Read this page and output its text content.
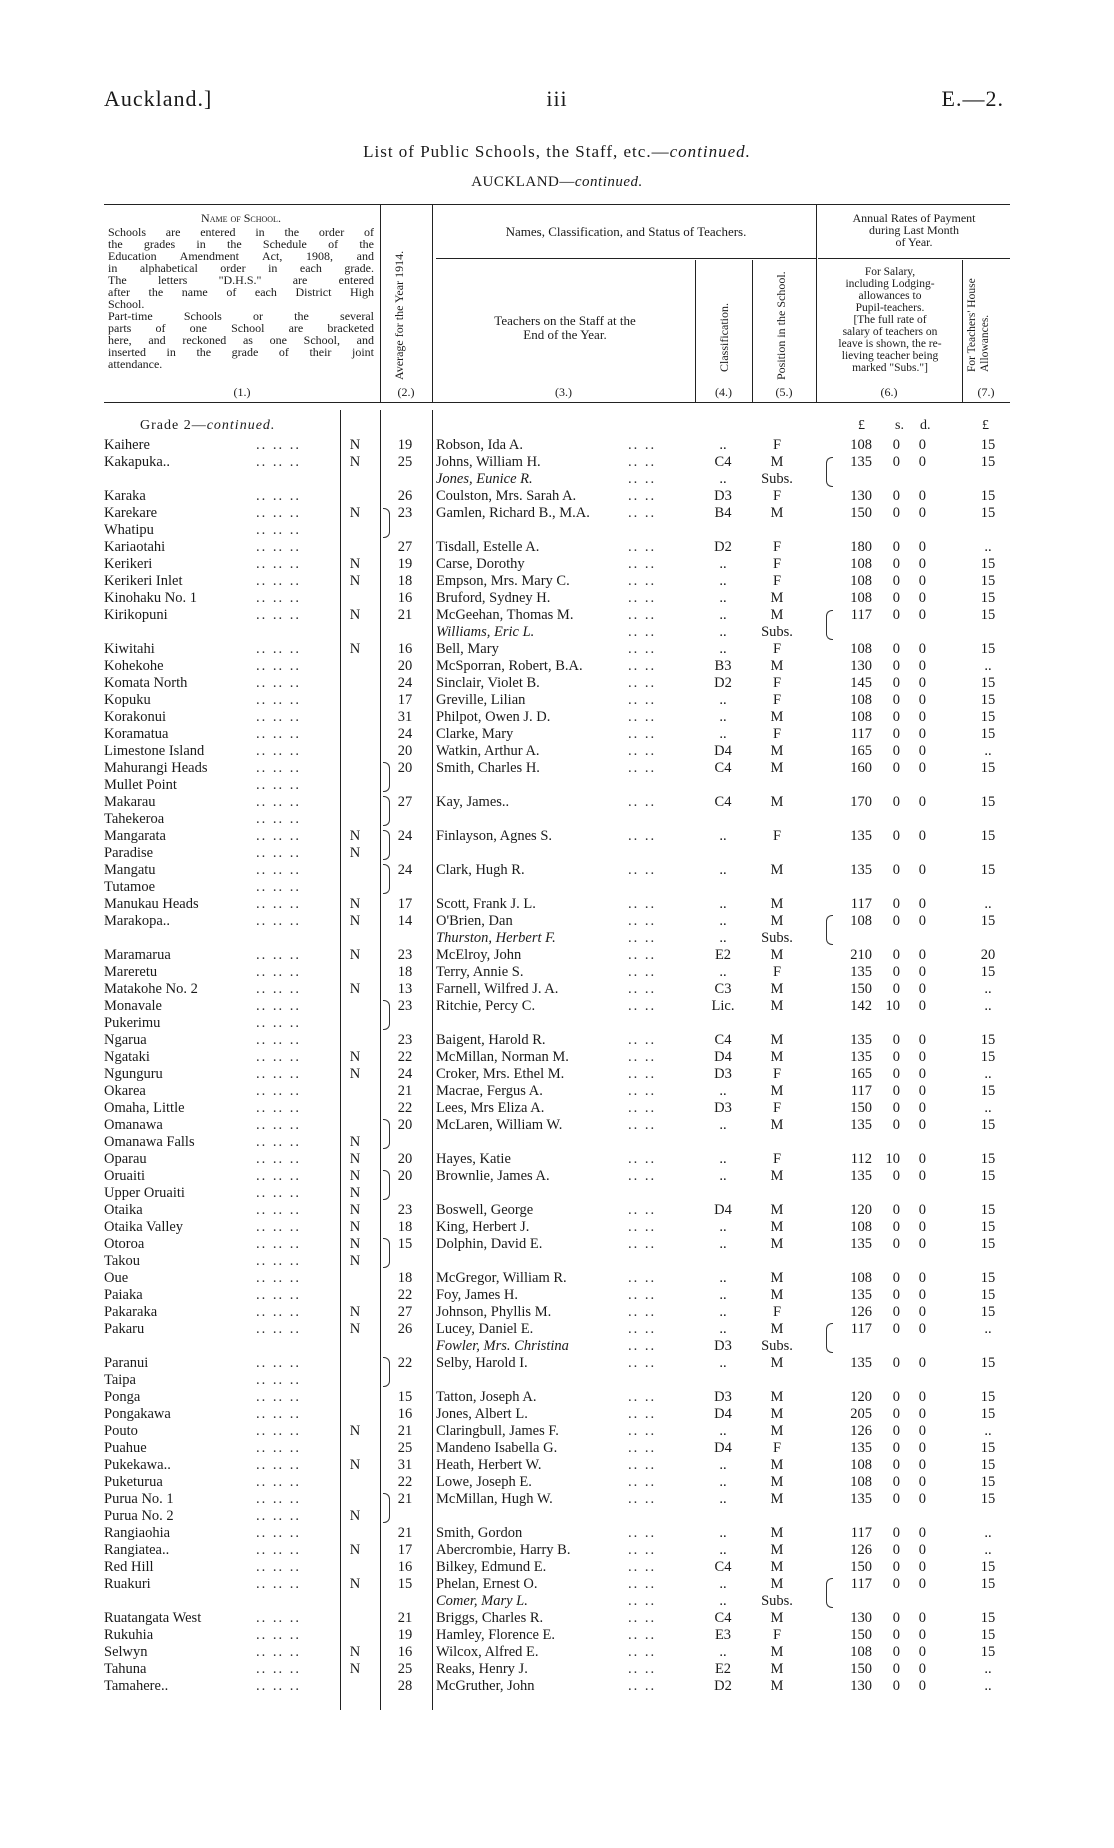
Auckland.]	iii	E.—2.
List of Public Schools, the Staff, etc.—continued.
AUCKLAND—continued.
Name of School.
Schools are entered in the order of
the grades in the Schedule of the
Education Amendment Act, 1908, and
in alphabetical order in each grade.
The letters "D.H.S." are entered
after the name of each District High
School.
Part-time Schools or the several
parts of one School are bracketed
here, and reckoned as one School, and
inserted in the grade of their joint
attendance.	Average for the Year 1914.
Names, Classification, and Status of Teachers.
Teachers on the Staff at the
End of the Year.	Classification.	Position in the School.
Annual Rates of Payment
during Last Month
of Year.
For Salary,
including Lodging-
allowances to
Pupil-teachers.
[The full rate of
salary of teachers on
leave is shown, the re-
lieving teacher being
marked "Subs."]	For Teachers' House Allowances.
(1.)	(2.)	(3.)	(4.)	(5.)	(6.)	(7.)
Grade 2—continued.	£ s. d.	£
Kaihere	.. .. ..	N	19	Robson, Ida A.	.. ..	..	F	108 0 0	15
Kakapuka..	.. .. ..	N	25	Johns, William H.	.. ..	C4	M	135 0 0	15
Jones, Eunice R.	.. ..	..	Subs.
Karaka	.. .. ..	26	Coulston, Mrs. Sarah A.	.. ..	D3	F	130 0 0	15
Karekare	.. .. ..	N	23	Gamlen, Richard B., M.A.	.. ..	B4	M	150 0 0	15
Whatipu	.. .. ..
Kariaotahi	.. .. ..	27	Tisdall, Estelle A.	.. ..	D2	F	180 0 0	..
Kerikeri	.. .. ..	N	19	Carse, Dorothy	.. ..	..	F	108 0 0	15
Kerikeri Inlet	.. .. ..	N	18	Empson, Mrs. Mary C.	.. ..	..	F	108 0 0	15
Kinohaku No. 1	.. .. ..	16	Bruford, Sydney H.	.. ..	..	M	108 0 0	15
Kirikopuni	.. .. ..	N	21	McGeehan, Thomas M.	.. ..	..	M	117 0 0	15
Williams, Eric L.	.. ..	..	Subs.
Kiwitahi	.. .. ..	N	16	Bell, Mary	.. ..	..	F	108 0 0	15
Kohekohe	.. .. ..	20	McSporran, Robert, B.A.	.. ..	B3	M	130 0 0	..
Komata North	.. .. ..	24	Sinclair, Violet B.	.. ..	D2	F	145 0 0	15
Kopuku	.. .. ..	17	Greville, Lilian	.. ..	..	F	108 0 0	15
Korakonui	.. .. ..	31	Philpot, Owen J. D.	.. ..	..	M	108 0 0	15
Koramatua	.. .. ..	24	Clarke, Mary	.. ..	..	F	117 0 0	15
Limestone Island	.. .. ..	20	Watkin, Arthur A.	.. ..	D4	M	165 0 0	..
Mahurangi Heads	.. .. ..	20	Smith, Charles H.	.. ..	C4	M	160 0 0	15
Mullet Point	.. .. ..
Makarau	.. .. ..	27	Kay, James..	.. ..	C4	M	170 0 0	15
Tahekeroa	.. .. ..
Mangarata	.. .. ..	N	24	Finlayson, Agnes S.	.. ..	..	F	135 0 0	15
Paradise	.. .. ..	N
Mangatu	.. .. ..	24	Clark, Hugh R.	.. ..	..	M	135 0 0	15
Tutamoe	.. .. ..
Manukau Heads	.. .. ..	N	17	Scott, Frank J. L.	.. ..	..	M	117 0 0	..
Marakopa..	.. .. ..	N	14	O'Brien, Dan	.. ..	..	M	108 0 0	15
Thurston, Herbert F.	.. ..	..	Subs.
Maramarua	.. .. ..	N	23	McElroy, John	.. ..	E2	M	210 0 0	20
Mareretu	.. .. ..	18	Terry, Annie S.	.. ..	..	F	135 0 0	15
Matakohe No. 2	.. .. ..	N	13	Farnell, Wilfred J. A.	.. ..	C3	M	150 0 0	..
Monavale	.. .. ..	23	Ritchie, Percy C.	.. ..	Lic.	M	142 10 0	..
Pukerimu	.. .. ..
Ngarua	.. .. ..	23	Baigent, Harold R.	.. ..	C4	M	135 0 0	15
Ngataki	.. .. ..	N	22	McMillan, Norman M.	.. ..	D4	M	135 0 0	15
Ngunguru	.. .. ..	N	24	Croker, Mrs. Ethel M.	.. ..	D3	F	165 0 0	..
Okarea	.. .. ..	21	Macrae, Fergus A.	.. ..	..	M	117 0 0	15
Omaha, Little	.. .. ..	22	Lees, Mrs Eliza A.	.. ..	D3	F	150 0 0	..
Omanawa	.. .. ..	20	McLaren, William W.	.. ..	..	M	135 0 0	15
Omanawa Falls	.. .. ..	N
Oparau	.. .. ..	N	20	Hayes, Katie	.. ..	..	F	112 10 0	15
Oruaiti	.. .. ..	N	20	Brownlie, James A.	.. ..	..	M	135 0 0	15
Upper Oruaiti	.. .. ..	N
Otaika	.. .. ..	N	23	Boswell, George	.. ..	D4	M	120 0 0	15
Otaika Valley	.. .. ..	N	18	King, Herbert J.	.. ..	..	M	108 0 0	15
Otoroa	.. .. ..	N	15	Dolphin, David E.	.. ..	..	M	135 0 0	15
Takou	.. .. ..	N
Oue	.. .. ..	18	McGregor, William R.	.. ..	..	M	108 0 0	15
Paiaka	.. .. ..	22	Foy, James H.	.. ..	..	M	135 0 0	15
Pakaraka	.. .. ..	N	27	Johnson, Phyllis M.	.. ..	..	F	126 0 0	15
Pakaru	.. .. ..	N	26	Lucey, Daniel E.	.. ..	..	M	117 0 0	..
Fowler, Mrs. Christina	.. ..	D3	Subs.
Paranui	.. .. ..	22	Selby, Harold I.	.. ..	..	M	135 0 0	15
Taipa	.. .. ..
Ponga	.. .. ..	15	Tatton, Joseph A.	.. ..	D3	M	120 0 0	15
Pongakawa	.. .. ..	16	Jones, Albert L.	.. ..	D4	M	205 0 0	15
Pouto	.. .. ..	N	21	Claringbull, James F.	.. ..	..	M	126 0 0	..
Puahue	.. .. ..	25	Mandeno Isabella G.	.. ..	D4	F	135 0 0	15
Pukekawa..	.. .. ..	N	31	Heath, Herbert W.	.. ..	..	M	108 0 0	15
Puketurua	.. .. ..	22	Lowe, Joseph E.	.. ..	..	M	108 0 0	15
Purua No. 1	.. .. ..	21	McMillan, Hugh W.	.. ..	..	M	135 0 0	15
Purua No. 2	.. .. ..	N
Rangiaohia	.. .. ..	21	Smith, Gordon	.. ..	..	M	117 0 0	..
Rangiatea..	.. .. ..	N	17	Abercrombie, Harry B.	.. ..	..	M	126 0 0	..
Red Hill	.. .. ..	16	Bilkey, Edmund E.	.. ..	C4	M	150 0 0	15
Ruakuri	.. .. ..	N	15	Phelan, Ernest O.	.. ..	..	M	117 0 0	15
Comer, Mary L.	.. ..	..	Subs.
Ruatangata West	.. .. ..	21	Briggs, Charles R.	.. ..	C4	M	130 0 0	15
Rukuhia	.. .. ..	19	Hamley, Florence E.	.. ..	E3	F	150 0 0	15
Selwyn	.. .. ..	N	16	Wilcox, Alfred E.	.. ..	..	M	108 0 0	15
Tahuna	.. .. ..	N	25	Reaks, Henry J.	.. ..	E2	M	150 0 0	..
Tamahere..	.. .. ..	28	McGruther, John	.. ..	D2	M	130 0 0	..
